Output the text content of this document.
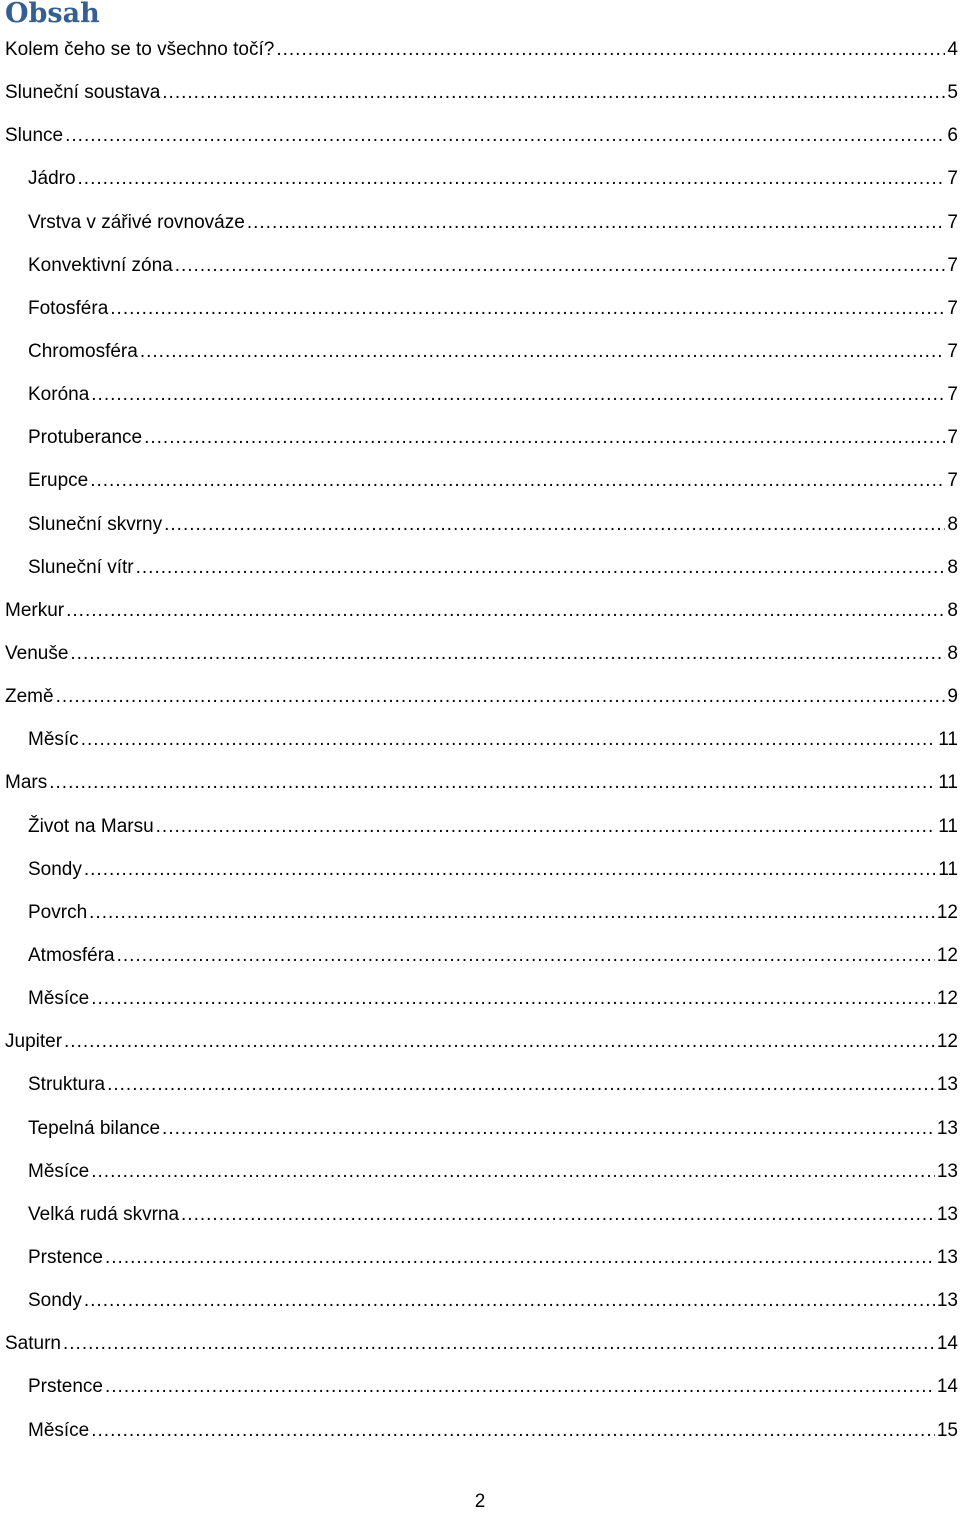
Obsah
Kolem čeho se to všechno točí? .....	4
Sluneční soustava .....	5
Slunce .....	6
Jádro .....	7
Vrstva v zářivé rovnováze .....	7
Konvektivní zóna .....	7
Fotosféra .....	7
Chromosféra .....	7
Koróna .....	7
Protuberance .....	7
Erupce .....	7
Sluneční skvrny .....	8
Sluneční vítr .....	8
Merkur .....	8
Venuše .....	8
Země .....	9
Měsíc .....	11
Mars .....	11
Život na Marsu .....	11
Sondy .....	11
Povrch .....	12
Atmosféra .....	12
Měsíce .....	12
Jupiter .....	12
Struktura .....	13
Tepelná bilance .....	13
Měsíce .....	13
Velká rudá skvrna .....	13
Prstence .....	13
Sondy .....	13
Saturn .....	14
Prstence .....	14
Měsíce .....	15

2
